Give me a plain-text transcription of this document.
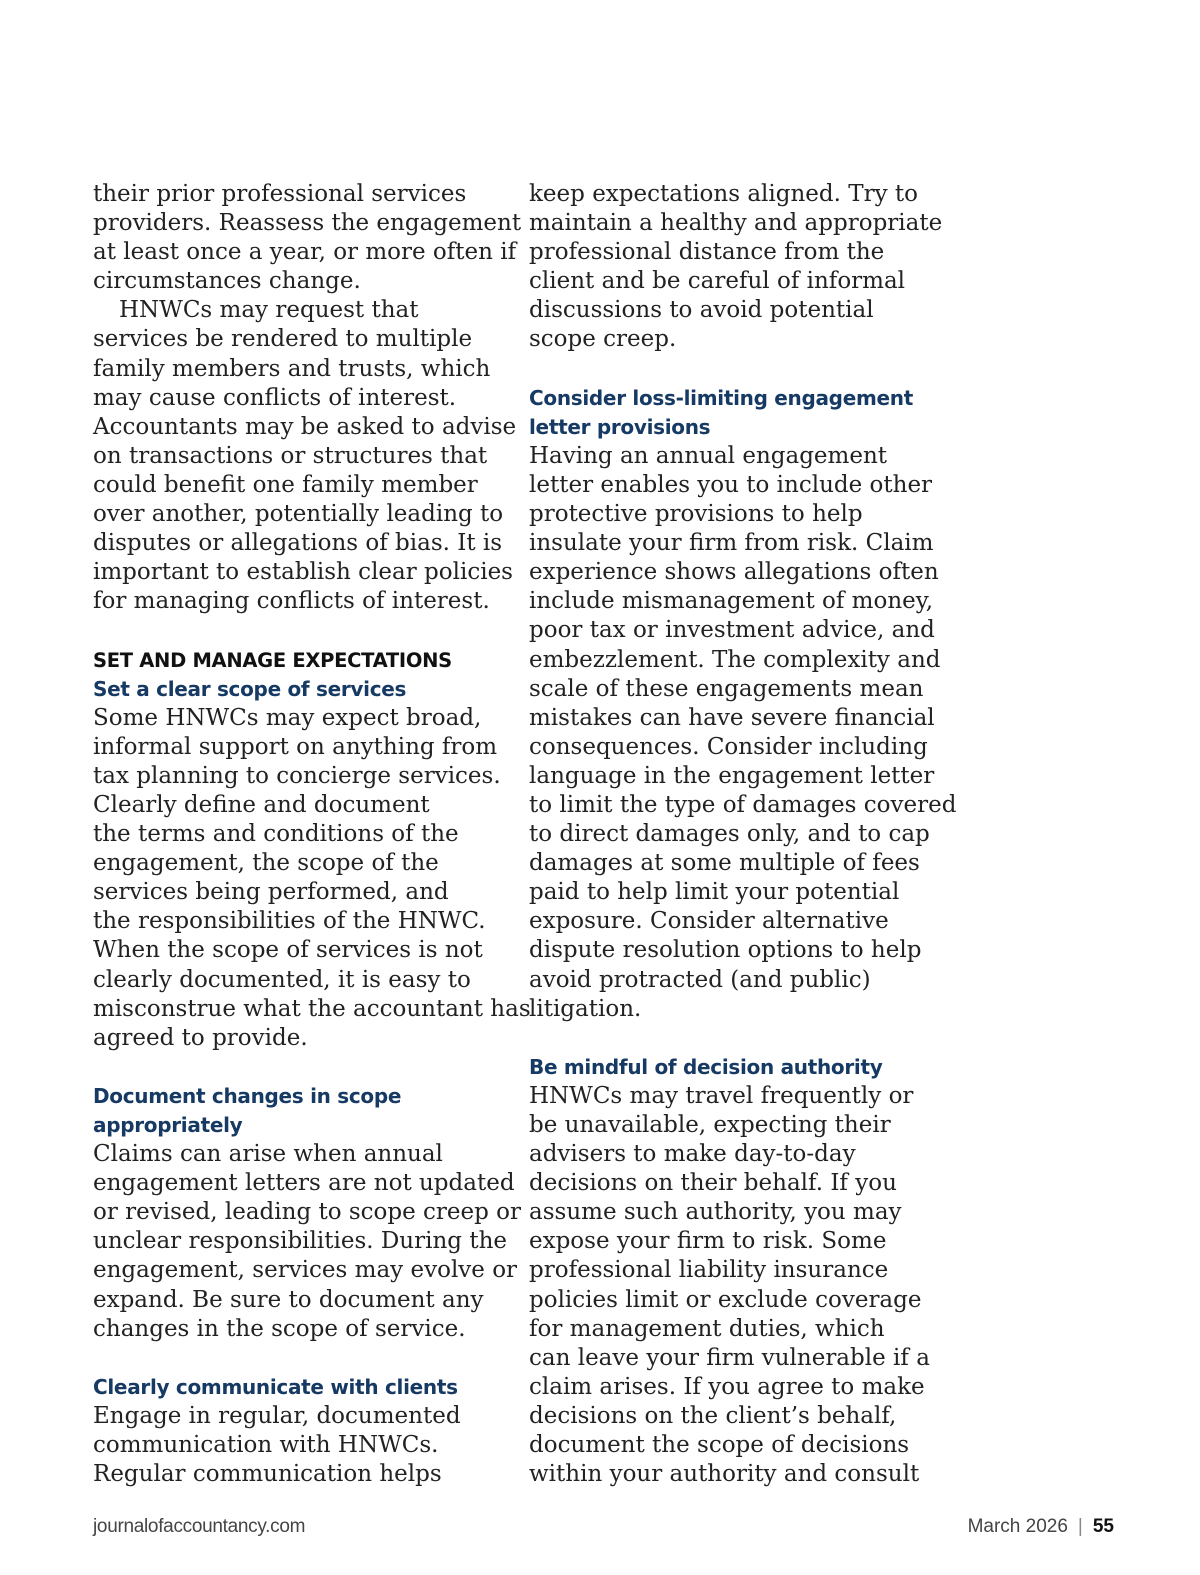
their prior professional services
providers. Reassess the engagement
at least once a year, or more often if
circumstances change.
HNWCs may request that
services be rendered to multiple
family members and trusts, which
may cause conflicts of interest.
Accountants may be asked to advise
on transactions or structures that
could benefit one family member
over another, potentially leading to
disputes or allegations of bias. It is
important to establish clear policies
for managing conflicts of interest.
SET AND MANAGE EXPECTATIONS
Set a clear scope of services
Some HNWCs may expect broad,
informal support on anything from
tax planning to concierge services.
Clearly define and document
the terms and conditions of the
engagement, the scope of the
services being performed, and
the responsibilities of the HNWC.
When the scope of services is not
clearly documented, it is easy to
misconstrue what the accountant has
agreed to provide.
Document changes in scope
appropriately
Claims can arise when annual
engagement letters are not updated
or revised, leading to scope creep or
unclear responsibilities. During the
engagement, services may evolve or
expand. Be sure to document any
changes in the scope of service.
Clearly communicate with clients
Engage in regular, documented
communication with HNWCs.
Regular communication helps
keep expectations aligned. Try to
maintain a healthy and appropriate
professional distance from the
client and be careful of informal
discussions to avoid potential
scope creep.
Consider loss-limiting engagement
letter provisions
Having an annual engagement
letter enables you to include other
protective provisions to help
insulate your firm from risk. Claim
experience shows allegations often
include mismanagement of money,
poor tax or investment advice, and
embezzlement. The complexity and
scale of these engagements mean
mistakes can have severe financial
consequences. Consider including
language in the engagement letter
to limit the type of damages covered
to direct damages only, and to cap
damages at some multiple of fees
paid to help limit your potential
exposure. Consider alternative
dispute resolution options to help
avoid protracted (and public)
litigation.
Be mindful of decision authority
HNWCs may travel frequently or
be unavailable, expecting their
advisers to make day-to-day
decisions on their behalf. If you
assume such authority, you may
expose your firm to risk. Some
professional liability insurance
policies limit or exclude coverage
for management duties, which
can leave your firm vulnerable if a
claim arises. If you agree to make
decisions on the client’s behalf,
document the scope of decisions
within your authority and consult
journalofaccountancy.com	March 2026 | 55
